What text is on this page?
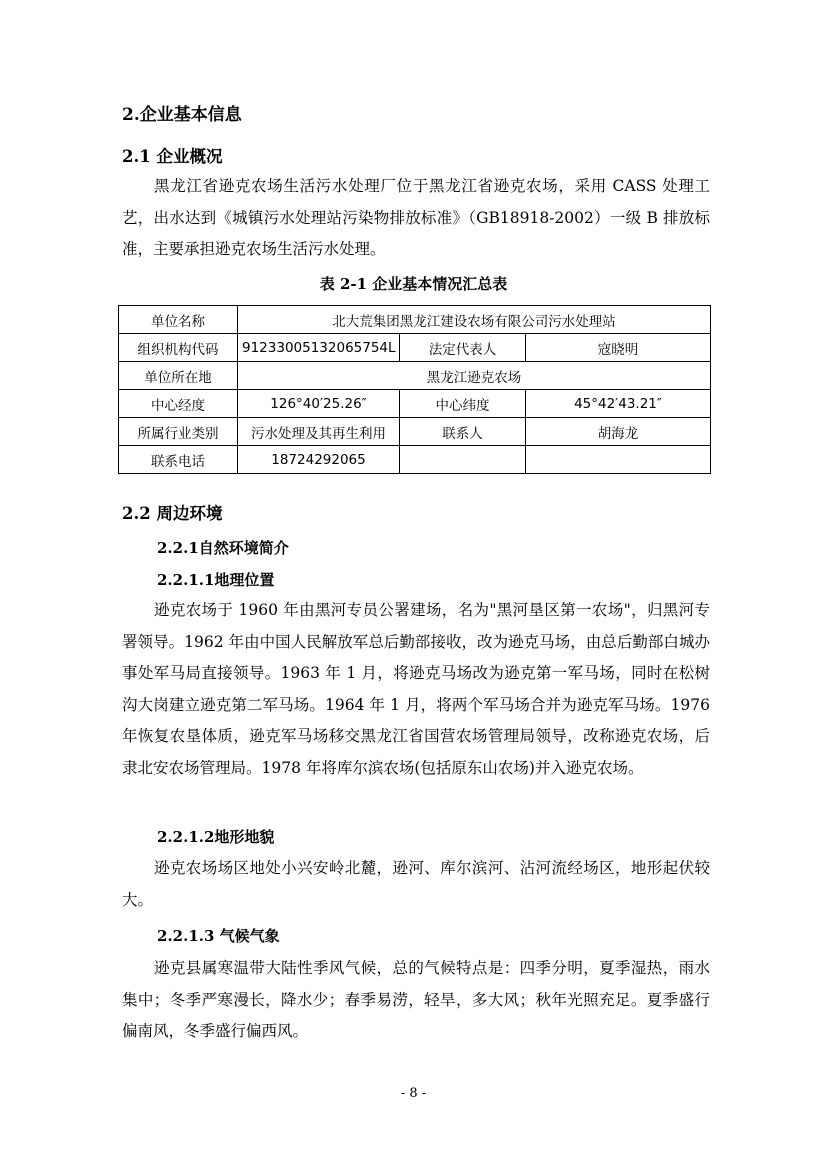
2.企业基本信息
2.1 企业概况

黑龙江省逊克农场生活污水处理厂位于黑龙江省逊克农场，采用 CASS 处理工艺，出水达到《城镇污水处理站污染物排放标准》（GB18918-2002）一级 B 排放标准，主要承担逊克农场生活污水处理。

表 2-1 企业基本情况汇总表
单位名称	北大荒集团黑龙江建设农场有限公司污水处理站		
组织机构代码	91233005132065754L	法定代表人	寇晓明
单位所在地	黑龙江逊克农场		
中心经度	126°40′25.26″	中心纬度	45°42′43.21″
所属行业类别	污水处理及其再生利用	联系人	胡海龙
联系电话	18724292065		
2.2 周边环境
2.2.1自然环境简介
2.2.1.1地理位置

逊克农场于 1960 年由黑河专员公署建场，名为"黑河垦区第一农场"，归黑河专署领导。1962 年由中国人民解放军总后勤部接收，改为逊克马场，由总后勤部白城办事处军马局直接领导。1963 年 1 月，将逊克马场改为逊克第一军马场，同时在松树沟大岗建立逊克第二军马场。1964 年 1 月，将两个军马场合并为逊克军马场。1976 年恢复农垦体质，逊克军马场移交黑龙江省国营农场管理局领导，改称逊克农场，后隶北安农场管理局。1978 年将库尔滨农场(包括原东山农场)并入逊克农场。

2.2.1.2地形地貌

逊克农场场区地处小兴安岭北麓，逊河、库尔滨河、沾河流经场区，地形起伏较大。

2.2.1.3 气候气象

逊克县属寒温带大陆性季风气候，总的气候特点是：四季分明，夏季湿热，雨水集中；冬季严寒漫长，降水少；春季易涝，轻旱，多大风；秋年光照充足。夏季盛行偏南风，冬季盛行偏西风。

- 8 -
